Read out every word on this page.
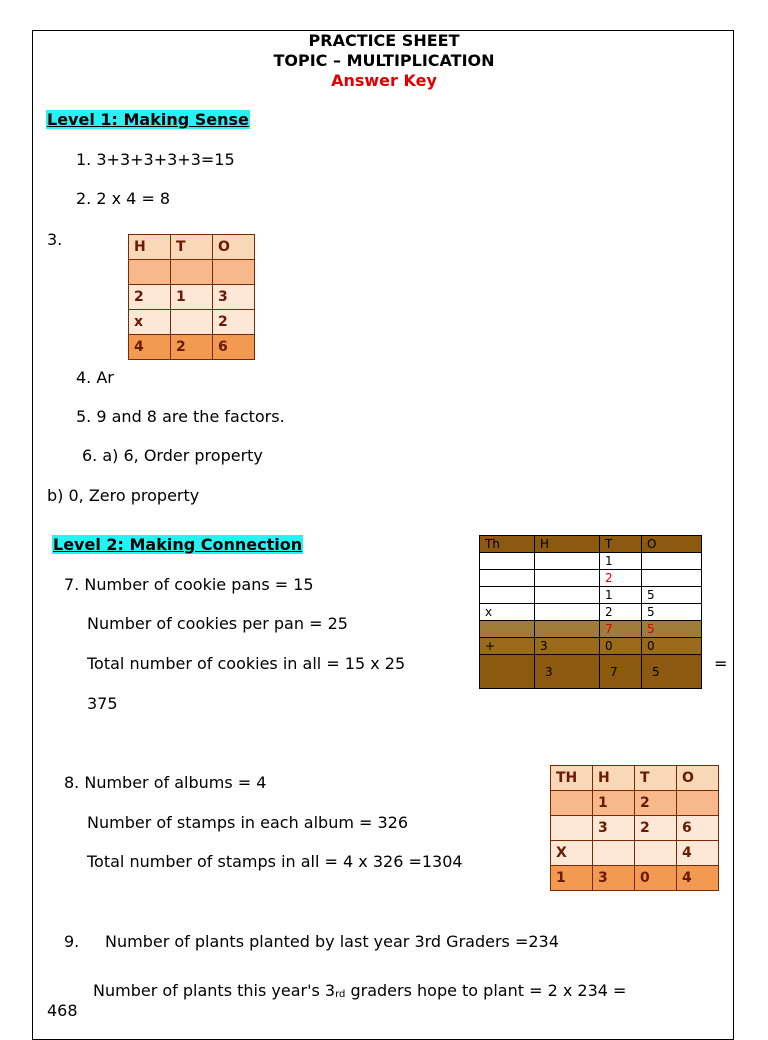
PRACTICE SHEET
TOPIC – MULTIPLICATION
Answer Key
Level 1: Making Sense
1. 3+3+3+3+3=15
2. 2 x 4 = 8
3.	H	T	O

2	1	3
x		2
4	2	6
4. Ar
5. 9 and 8 are the factors.
6. a) 6, Order property
b) 0, Zero property
Level 2: Making Connection
7. Number of cookie pans = 15
Number of cookies per pan = 25
Total number of cookies in all = 15 x 25	=
375
Th	H	T	O
		1	
		2	
		1	5
x		2	5
		7	5
+	3	0	0
	3	7	5
8. Number of albums = 4
Number of stamps in each album = 326
Total number of stamps in all = 4 x 326 =1304
TH	H	T	O
	1	2	
	3	2	6
X			4
1	3	0	4
9. Number of plants planted by last year 3rd Graders =234
Number of plants this year's $3_{rd}$ graders hope to plant = 2 x 234 =
468
